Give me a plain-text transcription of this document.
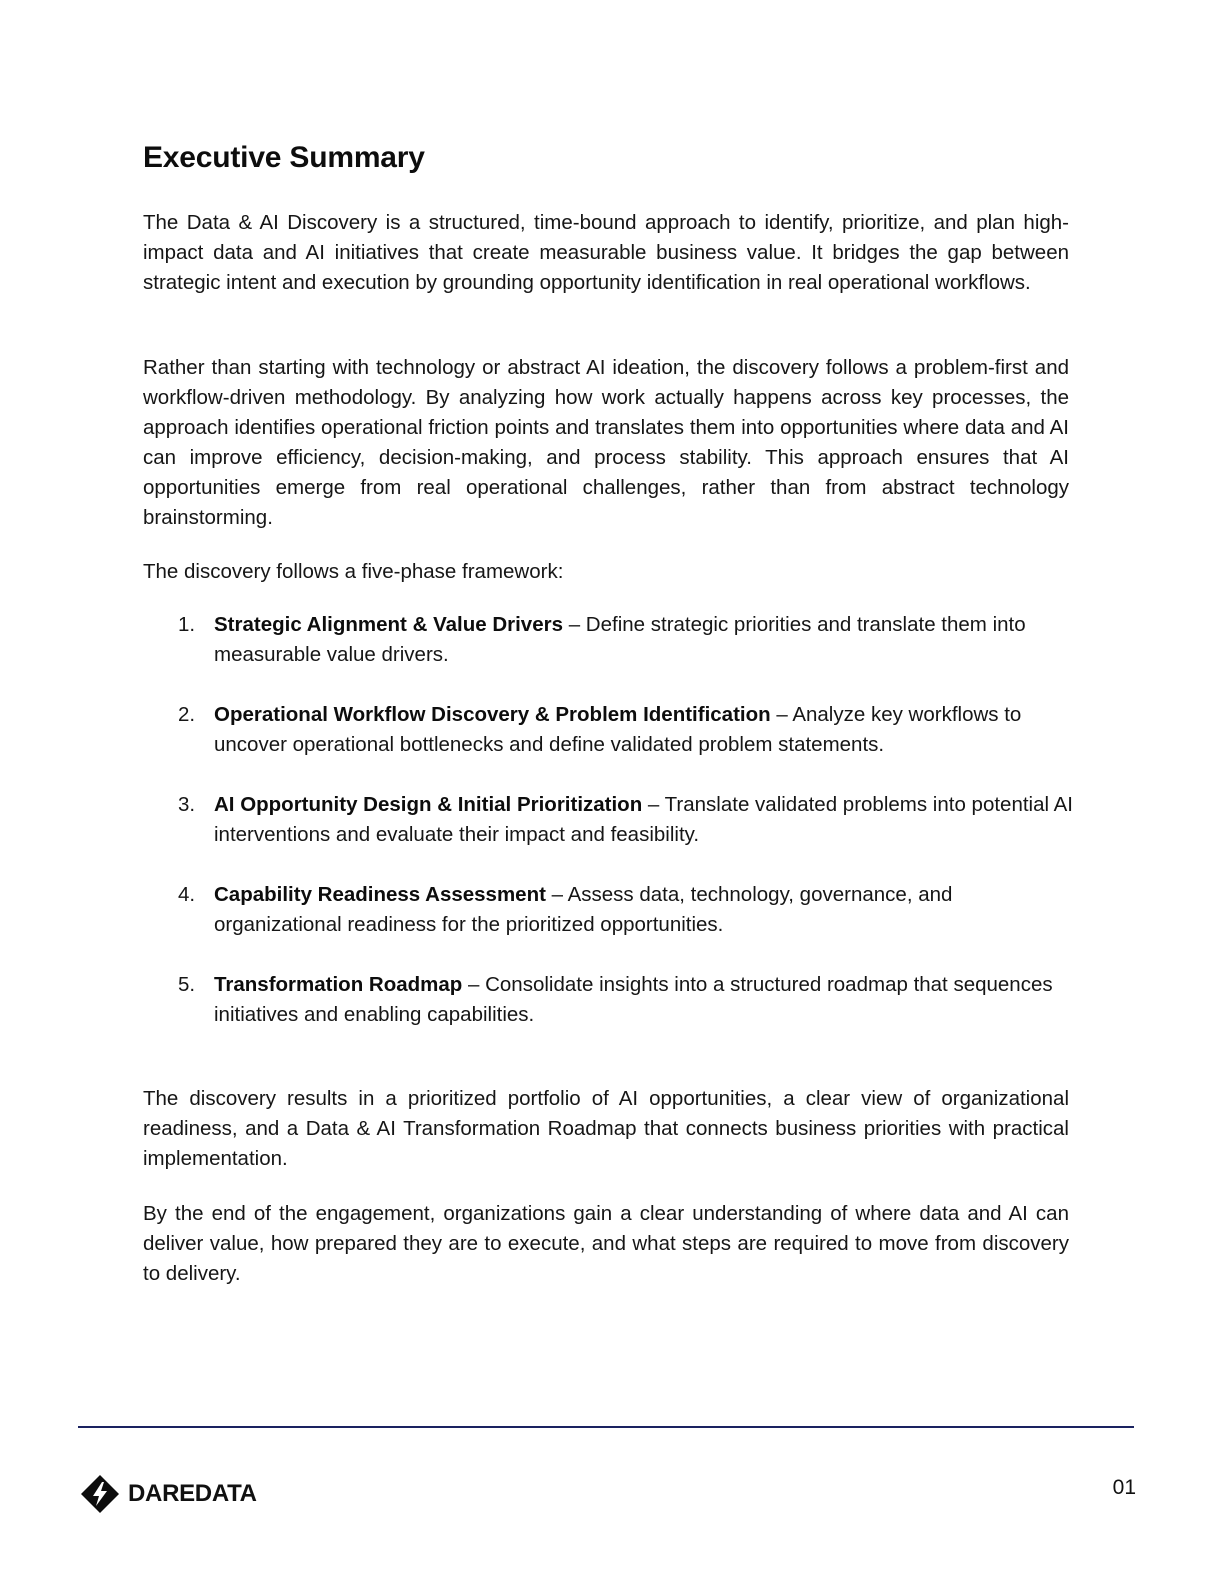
Executive Summary

The Data & AI Discovery is a structured, time-bound approach to identify, prioritize, and plan high-impact data and AI initiatives that create measurable business value. It bridges the gap between strategic intent and execution by grounding opportunity identification in real operational workflows.

Rather than starting with technology or abstract AI ideation, the discovery follows a problem-first and workflow-driven methodology. By analyzing how work actually happens across key processes, the approach identifies operational friction points and translates them into opportunities where data and AI can improve efficiency, decision-making, and process stability. This approach ensures that AI opportunities emerge from real operational challenges, rather than from abstract technology brainstorming.

The discovery follows a five-phase framework:

1. Strategic Alignment & Value Drivers – Define strategic priorities and translate them into measurable value drivers.
2. Operational Workflow Discovery & Problem Identification – Analyze key workflows to uncover operational bottlenecks and define validated problem statements.
3. AI Opportunity Design & Initial Prioritization – Translate validated problems into potential AI interventions and evaluate their impact and feasibility.
4. Capability Readiness Assessment – Assess data, technology, governance, and organizational readiness for the prioritized opportunities.
5. Transformation Roadmap – Consolidate insights into a structured roadmap that sequences initiatives and enabling capabilities.

The discovery results in a prioritized portfolio of AI opportunities, a clear view of organizational readiness, and a Data & AI Transformation Roadmap that connects business priorities with practical implementation.

By the end of the engagement, organizations gain a clear understanding of where data and AI can deliver value, how prepared they are to execute, and what steps are required to move from discovery to delivery.

DAREDATA	01
